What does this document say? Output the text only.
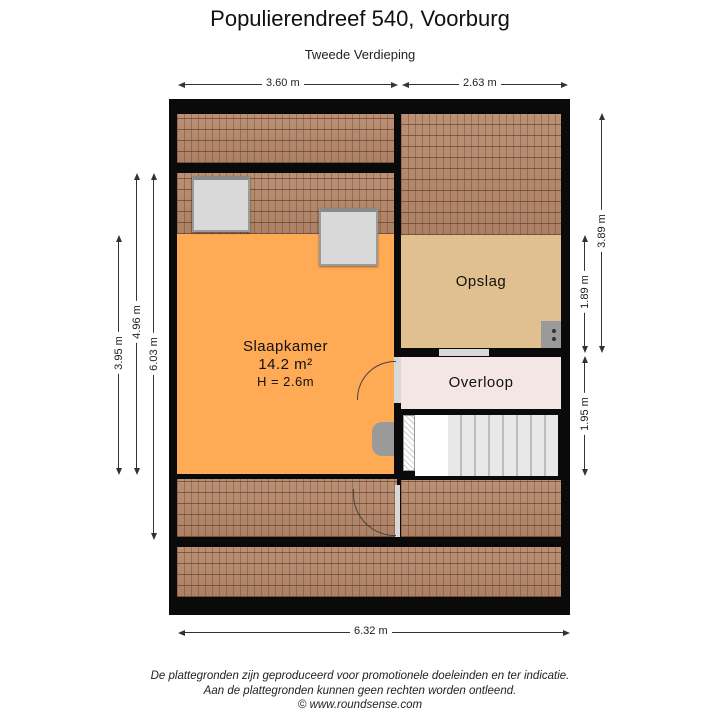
Populierendreef 540, Voorburg
Tweede Verdieping
3.60 m	2.63 m
3.95 m
4.96 m
6.03 m
3.89 m
1.89 m
1.95 m
Slaapkamer
14.2 m²
H = 2.6m
Opslag
Overloop
6.32 m
De plattegronden zijn geproduceerd voor promotionele doeleinden en ter indicatie.
Aan de plattegronden kunnen geen rechten worden ontleend.
© www.roundsense.com
